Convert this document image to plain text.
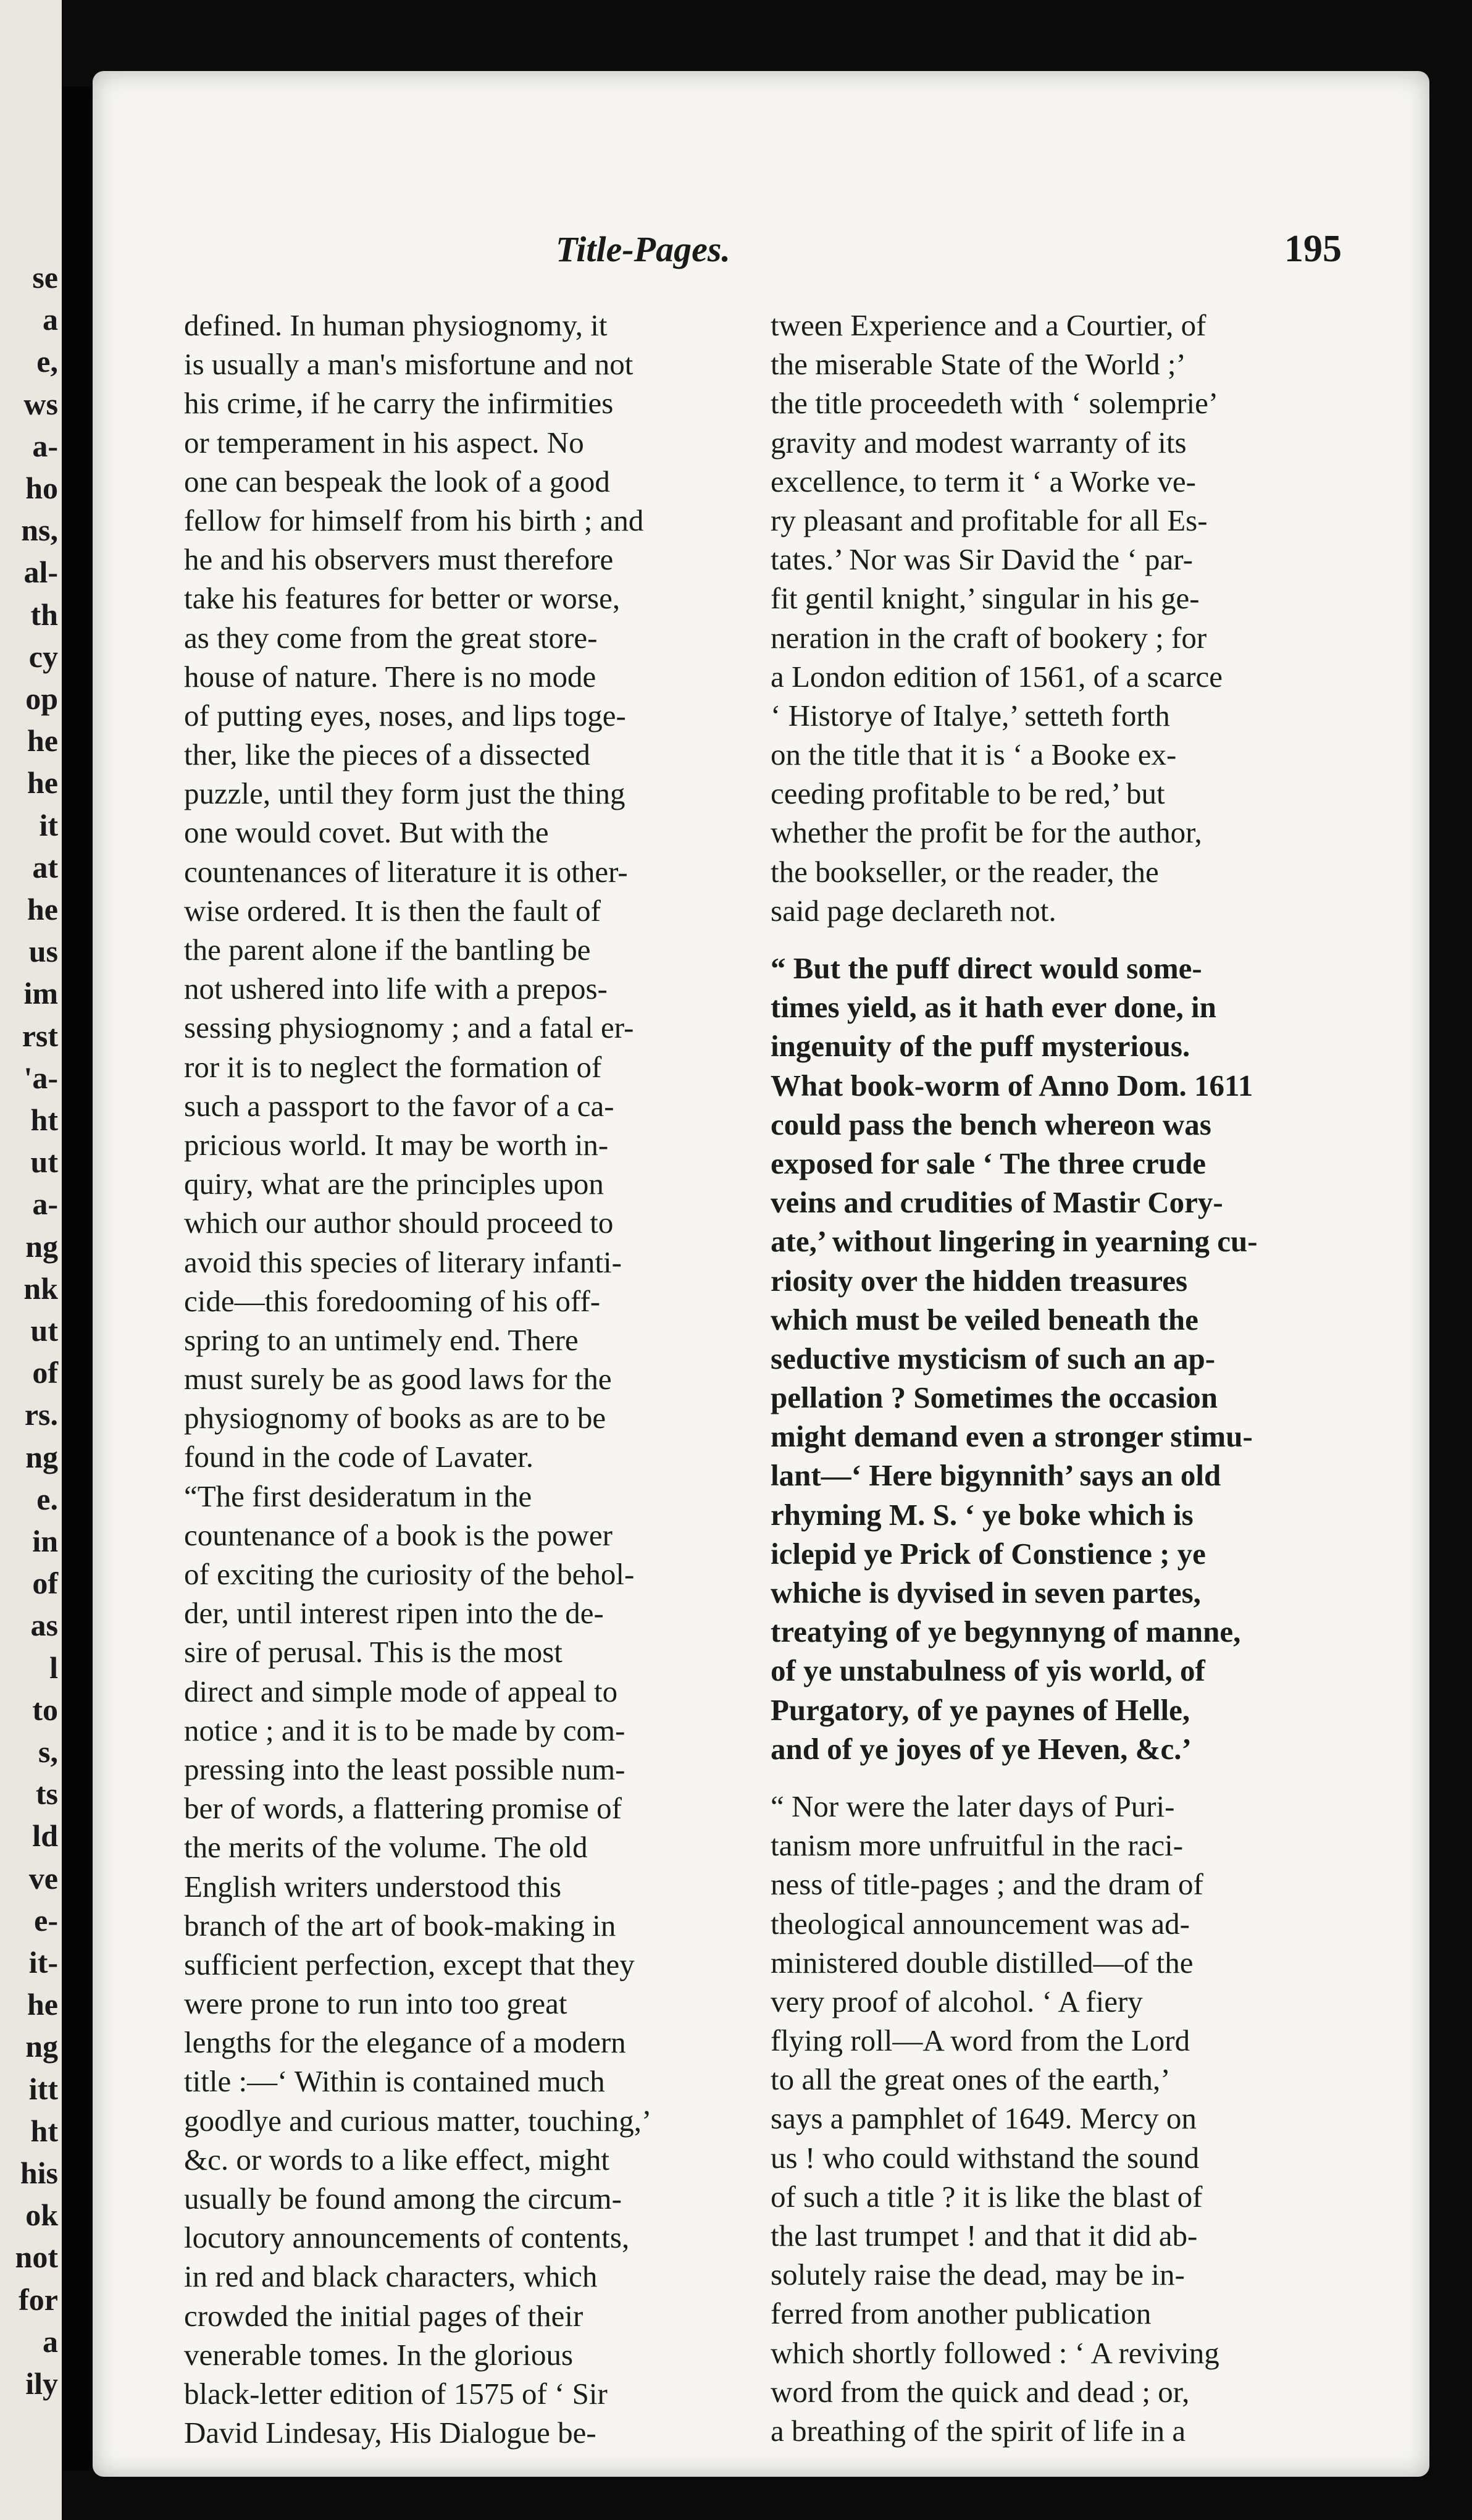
se
a
e,
ws
a-
ho
ns,
al-
th
cy
op
he
he
it
at
he
us
im
rst
'a-
ht
ut
a-
ng
nk
ut
of
rs.
ng
e.
in
of
as
l
to
s,
ts
ld
ve
e-
it-
he
ng
itt
ht
his
ok
not
for
a
ily
Title-Pages.	195
defined. In human physiognomy, it
is usually a man's misfortune and not
his crime, if he carry the infirmities
or temperament in his aspect. No
one can bespeak the look of a good
fellow for himself from his birth ; and
he and his observers must therefore
take his features for better or worse,
as they come from the great store-
house of nature. There is no mode
of putting eyes, noses, and lips toge-
ther, like the pieces of a dissected
puzzle, until they form just the thing
one would covet. But with the
countenances of literature it is other-
wise ordered. It is then the fault of
the parent alone if the bantling be
not ushered into life with a prepos-
sessing physiognomy ; and a fatal er-
ror it is to neglect the formation of
such a passport to the favor of a ca-
pricious world. It may be worth in-
quiry, what are the principles upon
which our author should proceed to
avoid this species of literary infanti-
cide—this foredooming of his off-
spring to an untimely end. There
must surely be as good laws for the
physiognomy of books as are to be
found in the code of Lavater.
“The first desideratum in the
countenance of a book is the power
of exciting the curiosity of the behol-
der, until interest ripen into the de-
sire of perusal. This is the most
direct and simple mode of appeal to
notice ; and it is to be made by com-
pressing into the least possible num-
ber of words, a flattering promise of
the merits of the volume. The old
English writers understood this
branch of the art of book-making in
sufficient perfection, except that they
were prone to run into too great
lengths for the elegance of a modern
title :—‘ Within is contained much
goodlye and curious matter, touching,’
&c. or words to a like effect, might
usually be found among the circum-
locutory announcements of contents,
in red and black characters, which
crowded the initial pages of their
venerable tomes. In the glorious
black-letter edition of 1575 of ‘ Sir
David Lindesay, His Dialogue be-
tween Experience and a Courtier, of
the miserable State of the World ;’
the title proceedeth with ‘ solemprie’
gravity and modest warranty of its
excellence, to term it ‘ a Worke ve-
ry pleasant and profitable for all Es-
tates.’ Nor was Sir David the ‘ par-
fit gentil knight,’ singular in his ge-
neration in the craft of bookery ; for
a London edition of 1561, of a scarce
‘ Historye of Italye,’ setteth forth
on the title that it is ‘ a Booke ex-
ceeding profitable to be red,’ but
whether the profit be for the author,
the bookseller, or the reader, the
said page declareth not.
“ But the puff direct would some-
times yield, as it hath ever done, in
ingenuity of the puff mysterious.
What book-worm of Anno Dom. 1611
could pass the bench whereon was
exposed for sale ‘ The three crude
veins and crudities of Mastir Cory-
ate,’ without lingering in yearning cu-
riosity over the hidden treasures
which must be veiled beneath the
seductive mysticism of such an ap-
pellation ? Sometimes the occasion
might demand even a stronger stimu-
lant—‘ Here bigynnith’ says an old
rhyming M. S. ‘ ye boke which is
iclepid ye Prick of Constience ; ye
whiche is dyvised in seven partes,
treatying of ye begynnyng of manne,
of ye unstabulness of yis world, of
Purgatory, of ye paynes of Helle,
and of ye joyes of ye Heven, &c.’
“ Nor were the later days of Puri-
tanism more unfruitful in the raci-
ness of title-pages ; and the dram of
theological announcement was ad-
ministered double distilled—of the
very proof of alcohol. ‘ A fiery
flying roll—A word from the Lord
to all the great ones of the earth,’
says a pamphlet of 1649. Mercy on
us ! who could withstand the sound
of such a title ? it is like the blast of
the last trumpet ! and that it did ab-
solutely raise the dead, may be in-
ferred from another publication
which shortly followed : ‘ A reviving
word from the quick and dead ; or,
a breathing of the spirit of life in a
